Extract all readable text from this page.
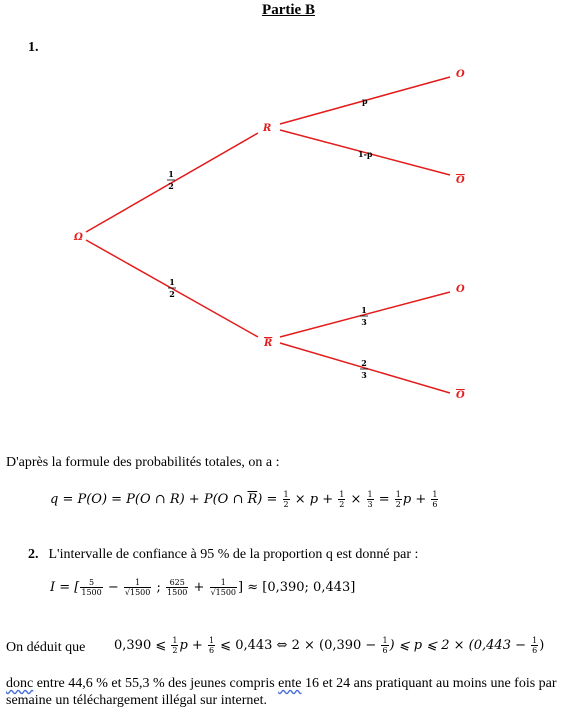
Partie B
1.
Ω
R
R
O
O
O
O
1
2
1
2
p
1-p
1
3
2
3
D'après la formule des probabilités totales, on a :
q = P(O) = P(O ∩ R) + P(O ∩ $\overline{R}) = \frac{1}{2} \times p + \frac{1}{2} \times \frac{1}{3} = \frac{1}{2}$ $p + \frac{1}{6}$
2. L'intervalle de confiance à 95 % de la proportion q est donné par :
I = [ $\frac{5}{1500} - \frac{1}{√1500}$ ; $\frac{625}{1500} + \frac{1}{√1500}$ ] ≈ [0,390; 0,443]
On déduit que 0,390 ⩽ $\frac{1}{2}$ $p + \frac{1}{6}$ ⩽ 0,443 ⇔ $2 \times (0,390 - \frac{1}{6}$ ) ⩽ p ⩽ $2 \times (0,443 - \frac{1}{6}$ )
donc entre 44,6 % et 55,3 % des jeunes compris ente 16 et 24 ans pratiquant au moins une fois par
semaine un téléchargement illégal sur internet.
